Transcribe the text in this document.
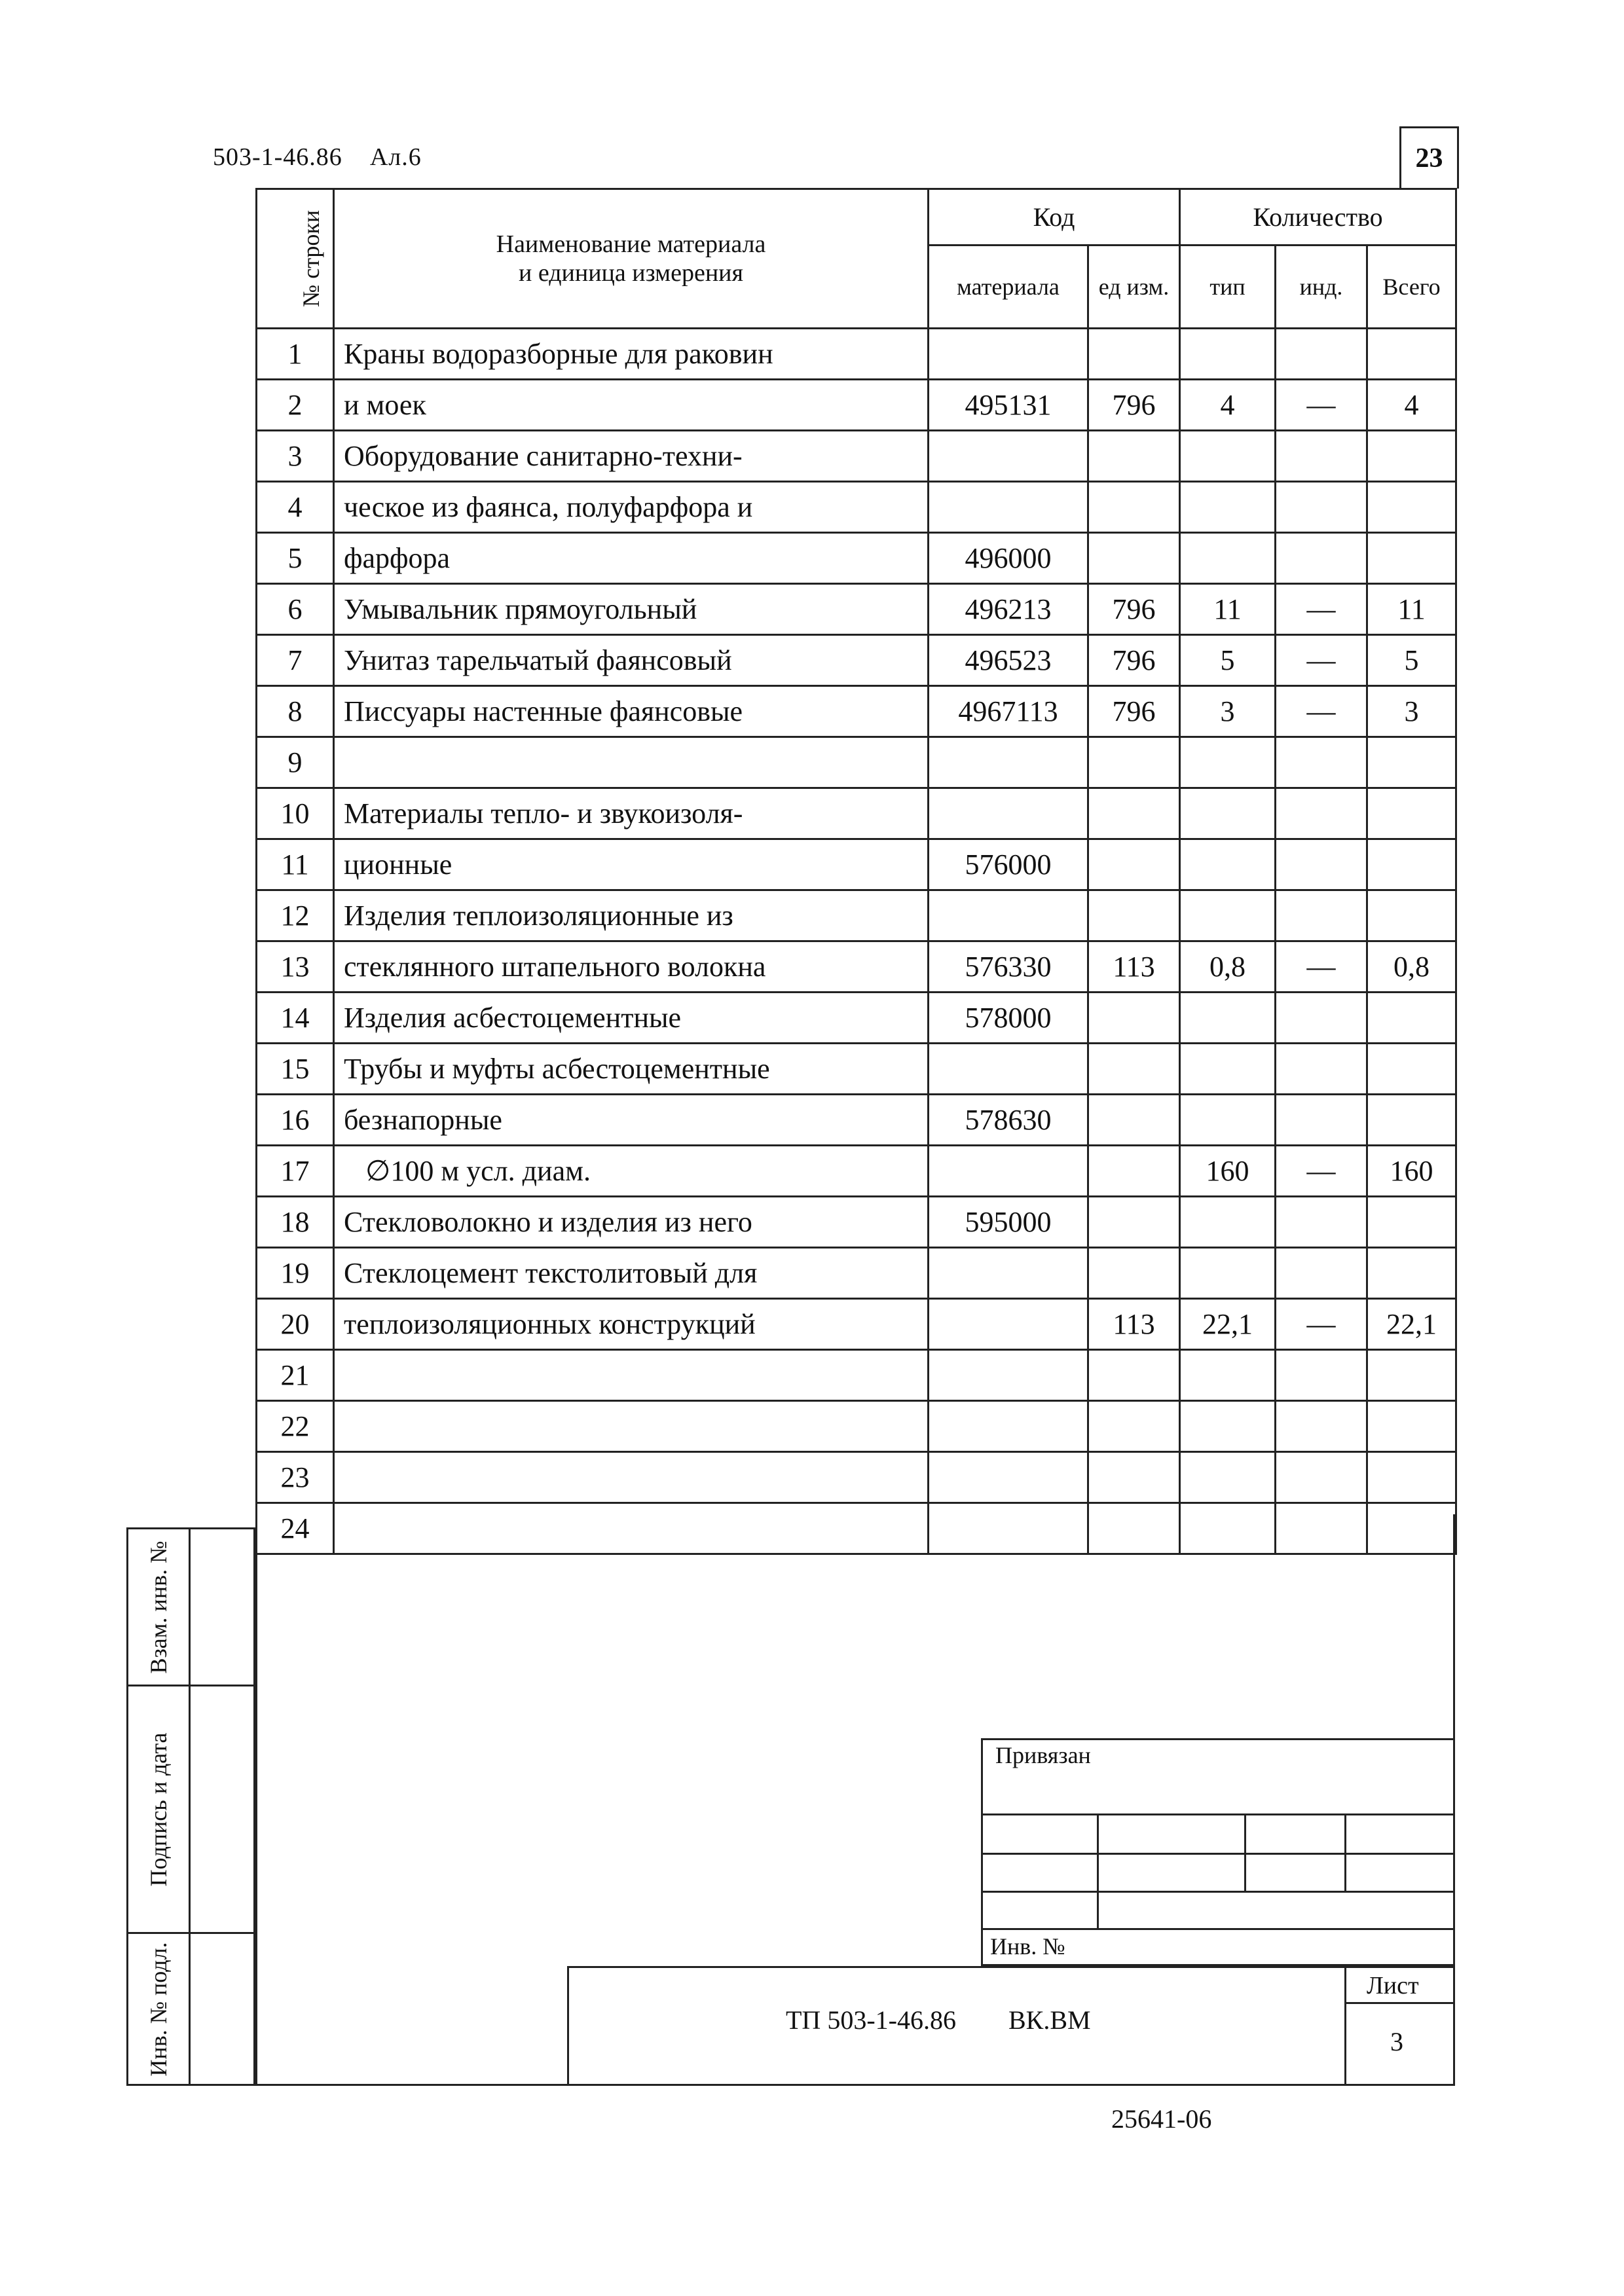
503-1-46.86 Ал.6	23
№ строки	Наименование материала
и единица измерения	Код		Количество		
		материала	ед изм.	тип	инд.	Всего
1	Краны водоразборные для раковин					
2	и моек	495131	796	4	—	4
3	Оборудование санитарно-техни-					
4	ческое из фаянса, полуфарфора и					
5	фарфора	496000				
6	Умывальник прямоугольный	496213	796	11	—	11
7	Унитаз тарельчатый фаянсовый	496523	796	5	—	5
8	Писсуары настенные фаянсовые	4967113	796	3	—	3
9						
10	Материалы тепло- и звукоизоля-					
11	ционные	576000				
12	Изделия теплоизоляционные из					
13	стеклянного штапельного волокна	576330	113	0,8	—	0,8
14	Изделия асбестоцементные	578000				
15	Трубы и муфты асбестоцементные					
16	безнапорные	578630				
17	∅100 м усл. диам.			160	—	160
18	Стекловолокно и изделия из него	595000				
19	Стеклоцемент текстолитовый для					
20	теплоизоляционных конструкций		113	22,1	—	22,1
21						
22						
23						
24						
Взам. инв. №
Подпись и дата
Инв. № подл.
Привязан
Инв. №
ТП 503-1-46.86 ВК.ВМ
Лист
3
25641-06
